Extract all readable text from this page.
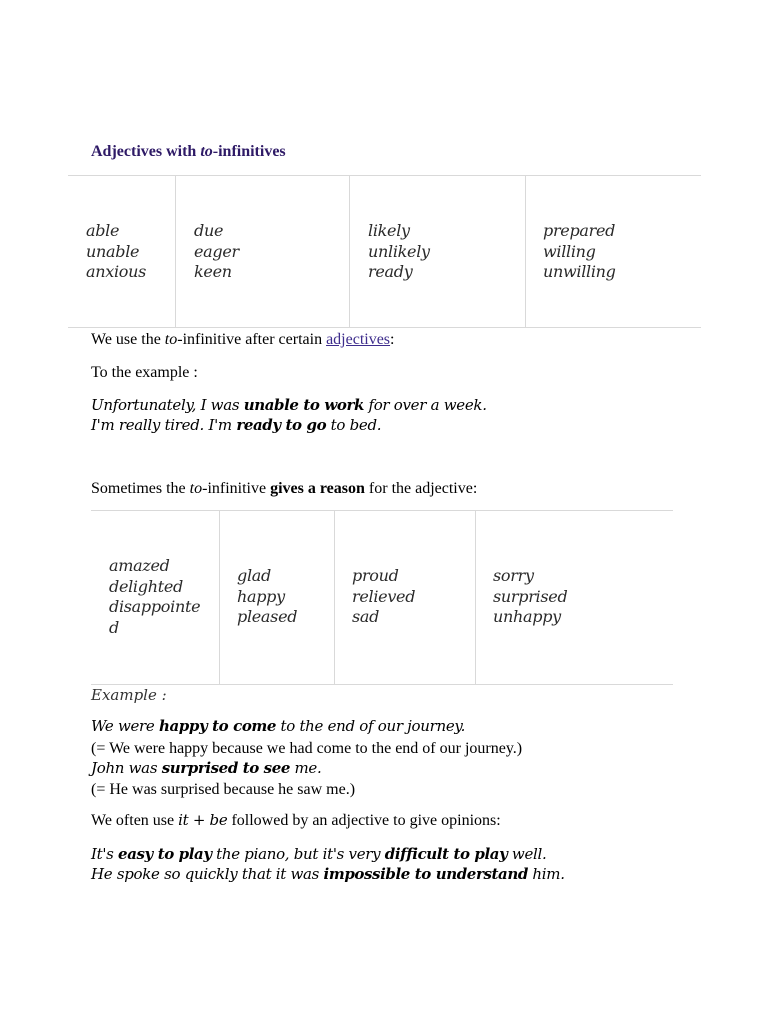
Adjectives with to-infinitives
able
unable
anxious
due
eager
keen
likely
unlikely
ready
prepared
willing
unwilling
We use the to-infinitive after certain adjectives:
To the example :
Unfortunately, I was unable to work for over a week.
I'm really tired. I'm ready to go to bed.
Sometimes the to-infinitive gives a reason for the adjective:
amazed
delighted
disappointe
d
glad
happy
pleased
proud
relieved
sad
sorry
surprised
unhappy
Example :
We were happy to come to the end of our journey.
(= We were happy because we had come to the end of our journey.)
John was surprised to see me.
(= He was surprised because he saw me.)
We often use it + be followed by an adjective to give opinions:
It's easy to play the piano, but it's very difficult to play well.
He spoke so quickly that it was impossible to understand him.
